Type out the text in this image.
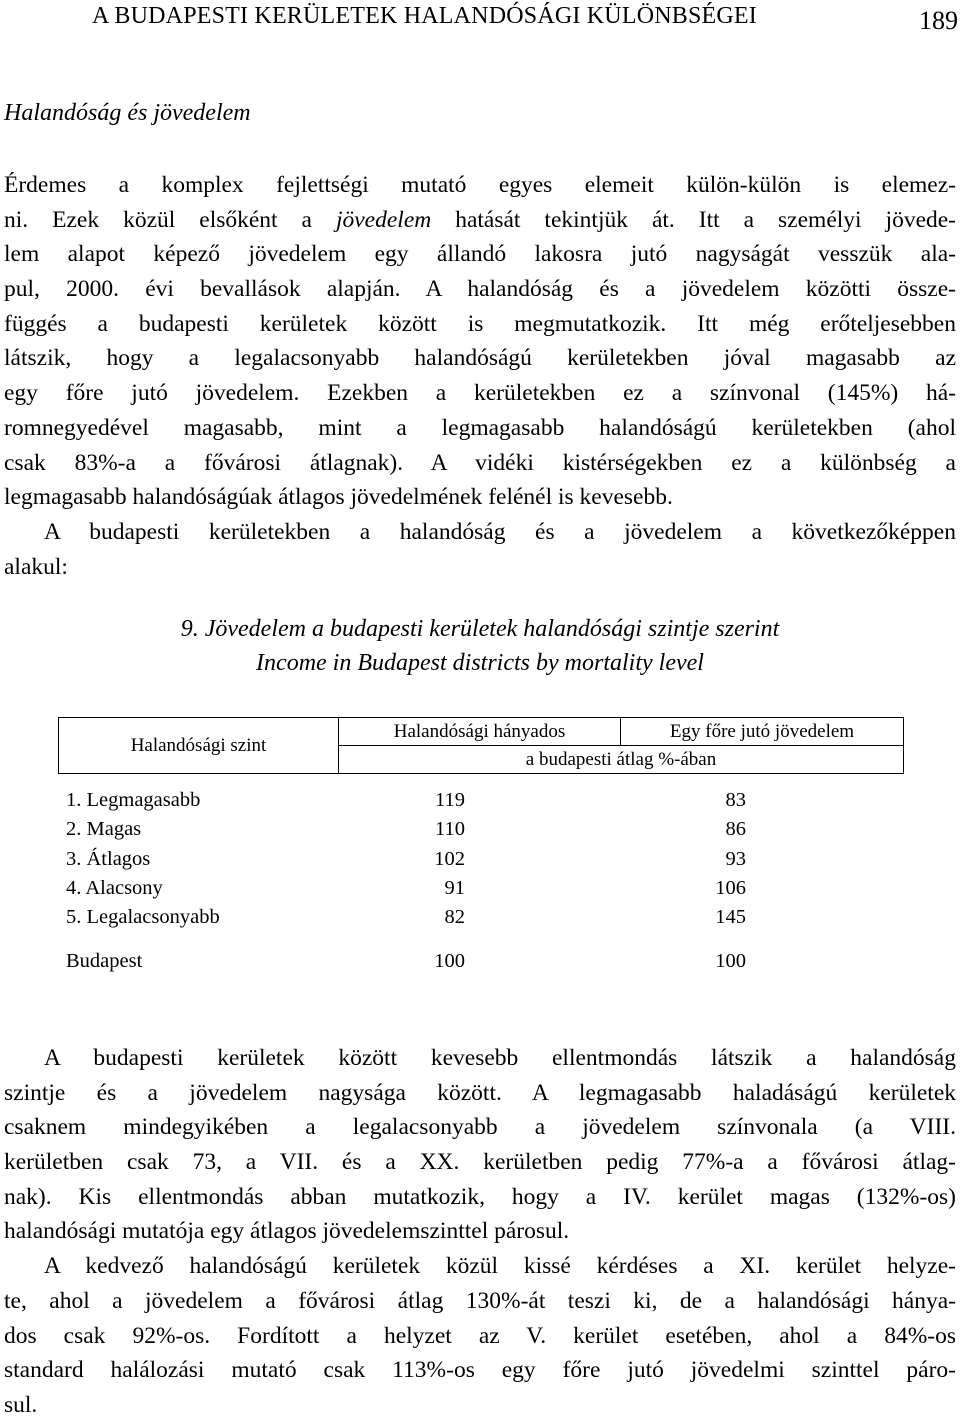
A BUDAPESTI KERÜLETEK HALANDÓSÁGI KÜLÖNBSÉGEI	189
Halandóság és jövedelem
Érdemes a komplex fejlettségi mutató egyes elemeit külön-külön is elemez-
ni. Ezek közül elsőként a jövedelem hatását tekintjük át. Itt a személyi jövede-
lem alapot képező jövedelem egy állandó lakosra jutó nagyságát vesszük ala-
pul, 2000. évi bevallások alapján. A halandóság és a jövedelem közötti össze-
függés a budapesti kerületek között is megmutatkozik. Itt még erőteljesebben
látszik, hogy a legalacsonyabb halandóságú kerületekben jóval magasabb az
egy főre jutó jövedelem. Ezekben a kerületekben ez a színvonal (145%) há-
romnegyedével magasabb, mint a legmagasabb halandóságú kerületekben (ahol
csak 83%-a a fővárosi átlagnak). A vidéki kistérségekben ez a különbség a
legmagasabb halandóságúak átlagos jövedelmének felénél is kevesebb.
A budapesti kerületekben a halandóság és a jövedelem a következőképpen
alakul:
9. Jövedelem a budapesti kerületek halandósági szintje szerint
Income in Budapest districts by mortality level
Halandósági szint
Halandósági hányados	Egy főre jutó jövedelem
a budapesti átlag %-ában
1. Legmagasabb	119	83
2. Magas	110	86
3. Átlagos	102	93
4. Alacsony	91	106
5. Legalacsonyabb	82	145
Budapest	100	100
A budapesti kerületek között kevesebb ellentmondás látszik a halandóság
szintje és a jövedelem nagysága között. A legmagasabb haladáságú kerületek
csaknem mindegyikében a legalacsonyabb a jövedelem színvonala (a VIII.
kerületben csak 73, a VII. és a XX. kerületben pedig 77%-a a fővárosi átlag-
nak). Kis ellentmondás abban mutatkozik, hogy a IV. kerület magas (132%-os)
halandósági mutatója egy átlagos jövedelemszinttel párosul.
A kedvező halandóságú kerületek közül kissé kérdéses a XI. kerület helyze-
te, ahol a jövedelem a fővárosi átlag 130%-át teszi ki, de a halandósági hánya-
dos csak 92%-os. Fordított a helyzet az V. kerület esetében, ahol a 84%-os
standard halálozási mutató csak 113%-os egy főre jutó jövedelmi szinttel páro-
sul.
